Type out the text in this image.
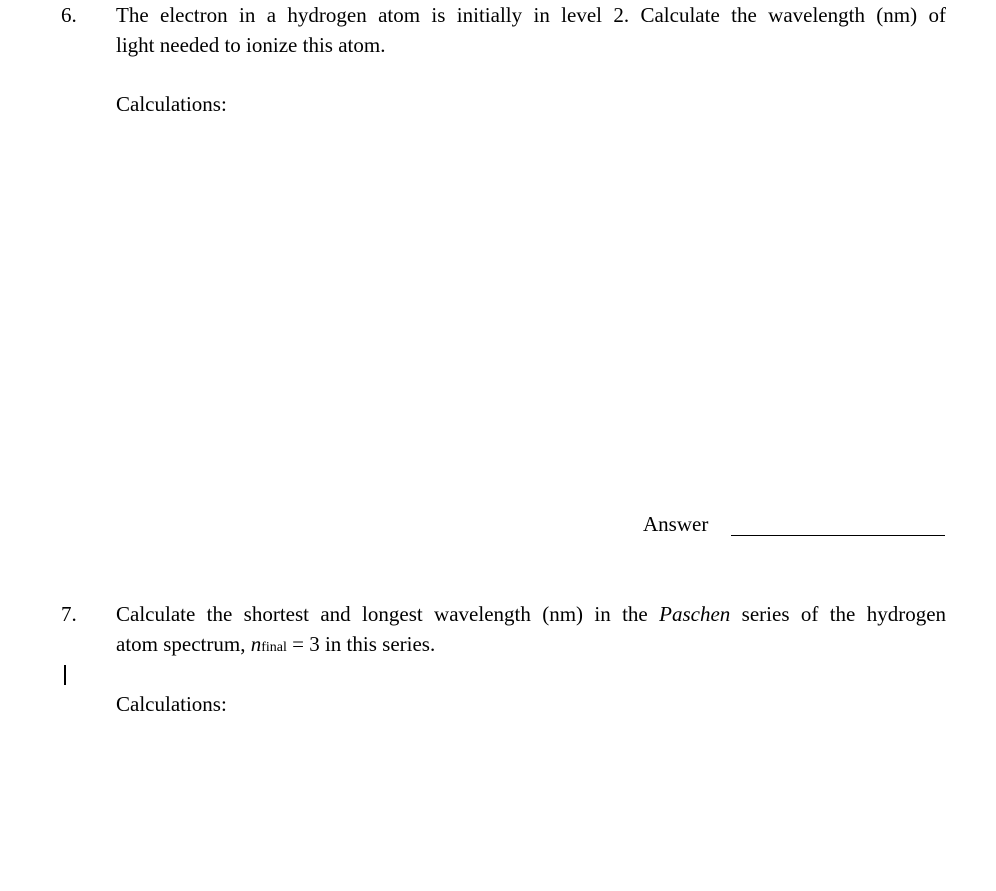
6. The electron in a hydrogen atom is initially in level 2. Calculate the wavelength (nm) of
light needed to ionize this atom.
Calculations:
Answer
7. Calculate the shortest and longest wavelength (nm) in the Paschen series of the hydrogen
atom spectrum, nfinal = 3 in this series.
Calculations:
